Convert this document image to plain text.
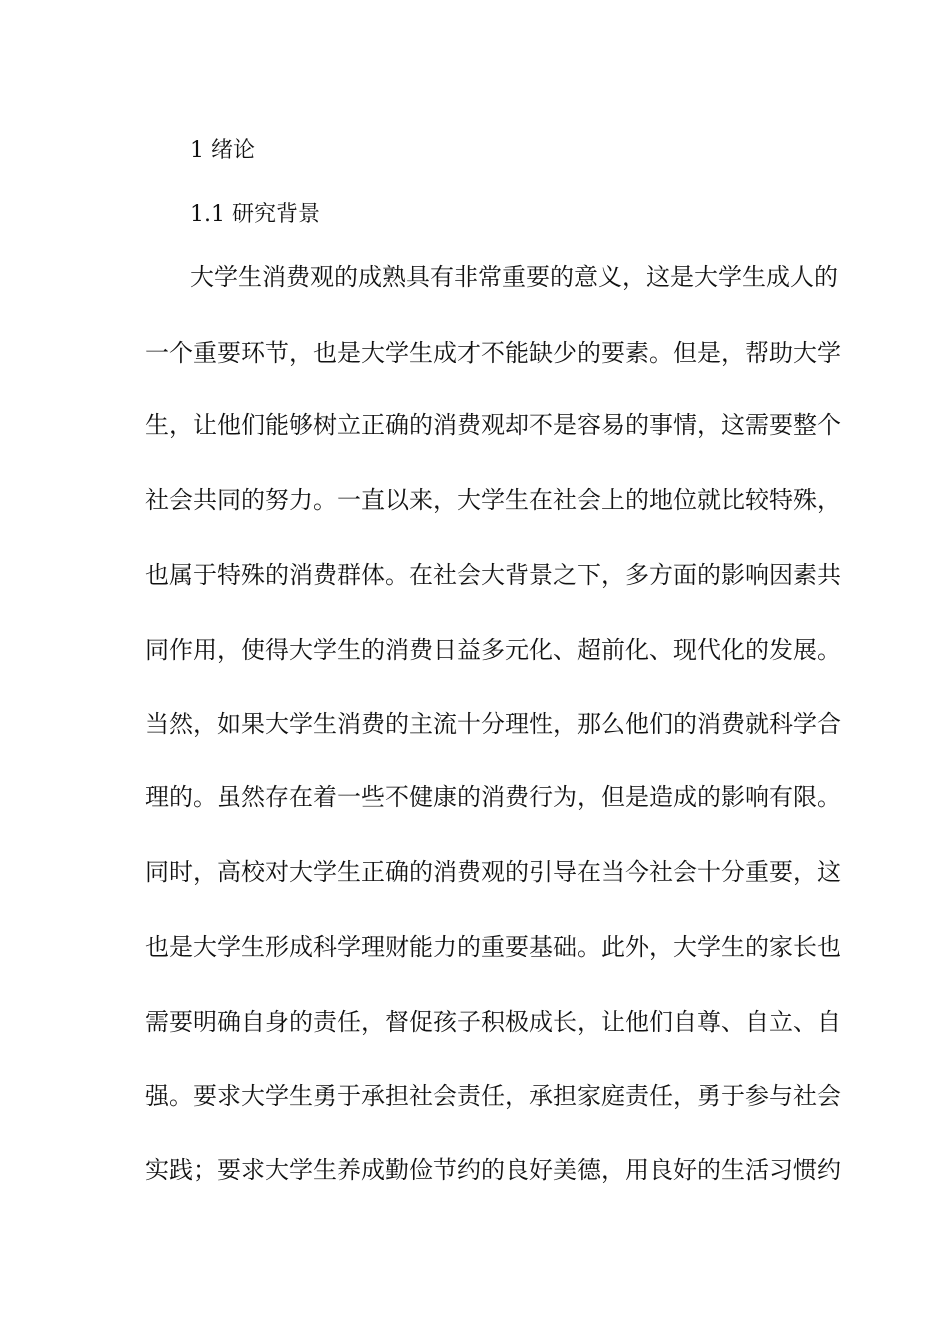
1 绪论
1.1 研究背景
大学生消费观的成熟具有非常重要的意义，这是大学生成人的
一个重要环节，也是大学生成才不能缺少的要素。但是，帮助大学
生，让他们能够树立正确的消费观却不是容易的事情，这需要整个
社会共同的努力。一直以来，大学生在社会上的地位就比较特殊，
也属于特殊的消费群体。在社会大背景之下，多方面的影响因素共
同作用，使得大学生的消费日益多元化、超前化、现代化的发展。
当然，如果大学生消费的主流十分理性，那么他们的消费就科学合
理的。虽然存在着一些不健康的消费行为，但是造成的影响有限。
同时，高校对大学生正确的消费观的引导在当今社会十分重要，这
也是大学生形成科学理财能力的重要基础。此外，大学生的家长也
需要明确自身的责任，督促孩子积极成长，让他们自尊、自立、自
强。要求大学生勇于承担社会责任，承担家庭责任，勇于参与社会
实践；要求大学生养成勤俭节约的良好美德，用良好的生活习惯约
